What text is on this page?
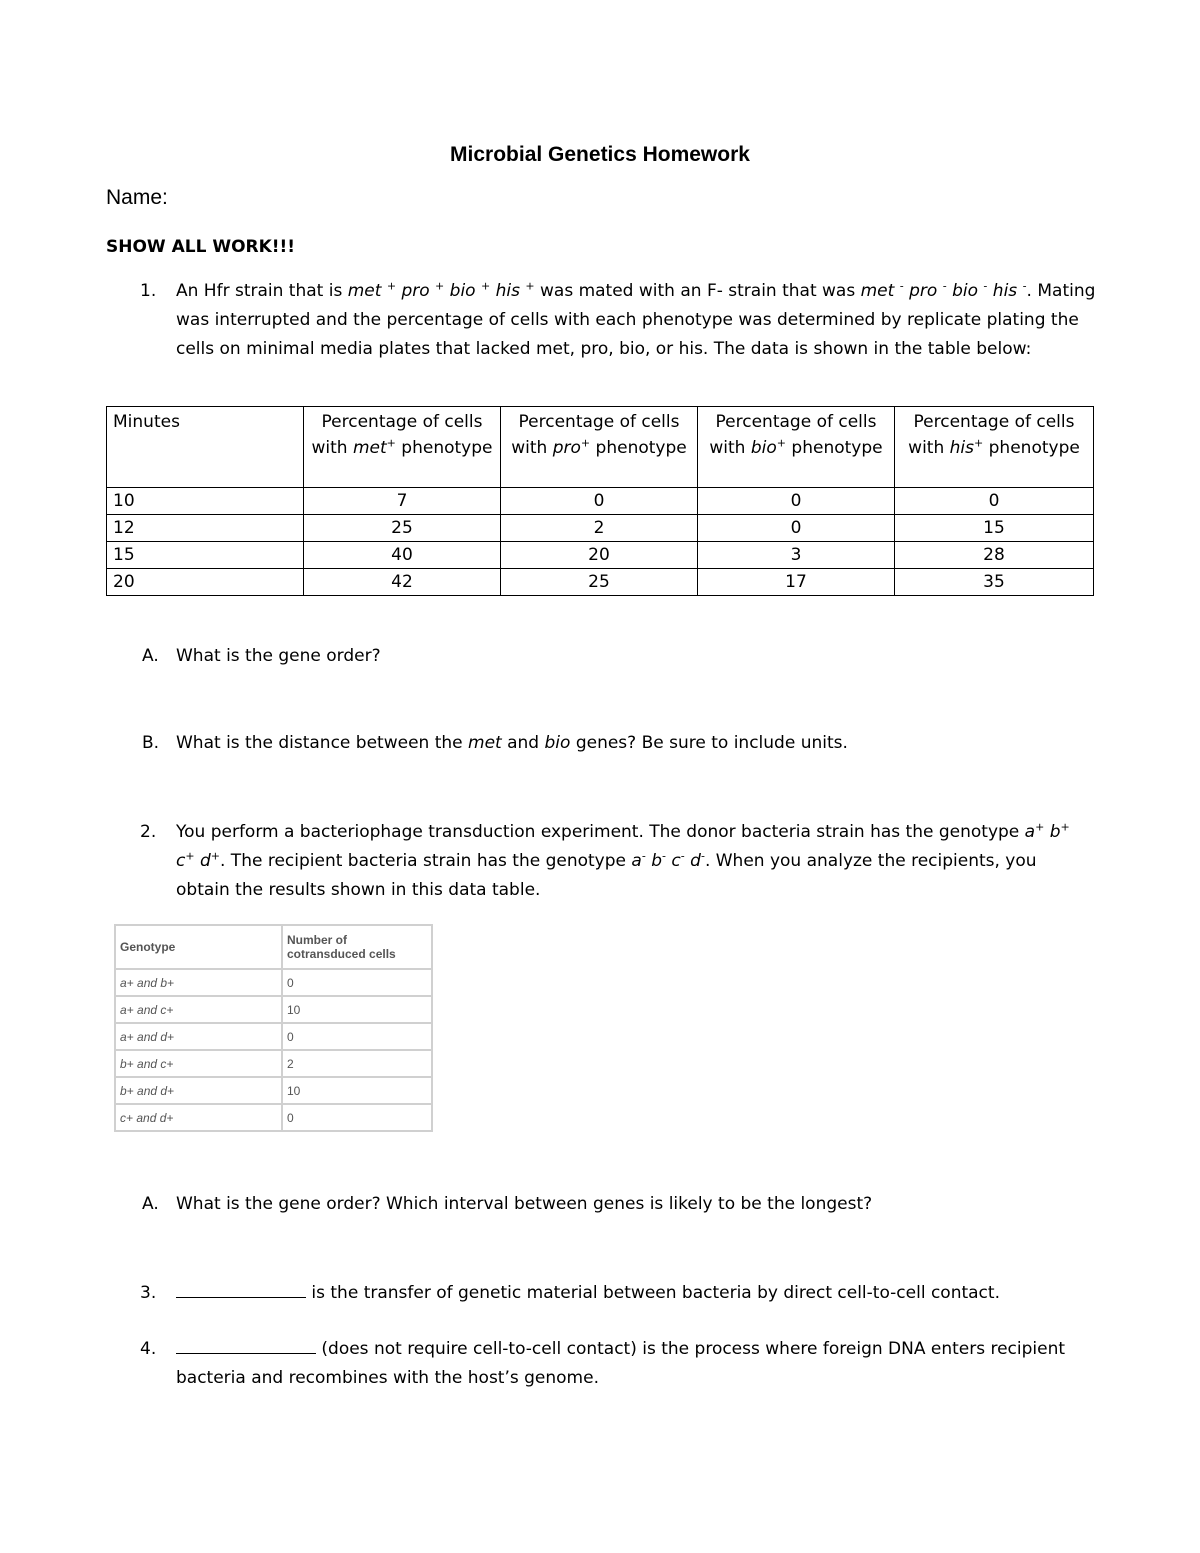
Microbial Genetics Homework
Name:
SHOW ALL WORK!!!
1. An Hfr strain that is met + pro + bio + his + was mated with an F- strain that was met - pro - bio - his -. Mating was interrupted and the percentage of cells with each phenotype was determined by replicate plating the cells on minimal media plates that lacked met, pro, bio, or his. The data is shown in the table below:
Minutes	Percentage of cells with met+ phenotype	Percentage of cells with pro+ phenotype	Percentage of cells with bio+ phenotype	Percentage of cells with his+ phenotype
10	7	0	0	0
12	25	2	0	15
15	40	20	3	28
20	42	25	17	35
A. What is the gene order?
B. What is the distance between the met and bio genes? Be sure to include units.
2. You perform a bacteriophage transduction experiment. The donor bacteria strain has the genotype a+ b+ c+ d+. The recipient bacteria strain has the genotype a- b- c- d-. When you analyze the recipients, you obtain the results shown in this data table.
Genotype	Number of cotransduced cells
a+ and b+	0
a+ and c+	10
a+ and d+	0
b+ and c+	2
b+ and d+	10
c+ and d+	0
A. What is the gene order? Which interval between genes is likely to be the longest?
3.	is the transfer of genetic material between bacteria by direct cell-to-cell contact.
4.	(does not require cell-to-cell contact) is the process where foreign DNA enters recipient bacteria and recombines with the host’s genome.
